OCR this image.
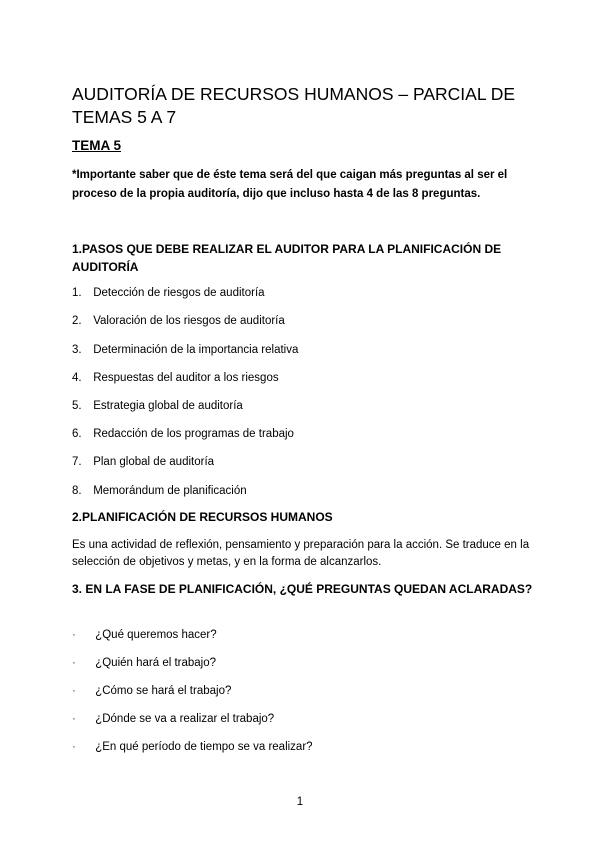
AUDITORÍA DE RECURSOS HUMANOS – PARCIAL DE TEMAS 5 A 7
TEMA 5

*Importante saber que de éste tema será del que caigan más preguntas al ser el proceso de la propia auditoría, dijo que incluso hasta 4 de las 8 preguntas.

1.PASOS QUE DEBE REALIZAR EL AUDITOR PARA LA PLANIFICACIÓN DE AUDITORÍA
1. Detección de riesgos de auditoría
2. Valoración de los riesgos de auditoría
3. Determinación de la importancia relativa
4. Respuestas del auditor a los riesgos
5. Estrategia global de auditoría
6. Redacción de los programas de trabajo
7. Plan global de auditoría
8. Memorándum de planificación
2.PLANIFICACIÓN DE RECURSOS HUMANOS

Es una actividad de reflexión, pensamiento y preparación para la acción. Se traduce en la selección de objetivos y metas, y en la forma de alcanzarlos.

3. EN LA FASE DE PLANIFICACIÓN, ¿QUÉ PREGUNTAS QUEDAN ACLARADAS?
· ¿Qué queremos hacer?
· ¿Quién hará el trabajo?
· ¿Cómo se hará el trabajo?
· ¿Dónde se va a realizar el trabajo?
· ¿En qué período de tiempo se va realizar?
1
